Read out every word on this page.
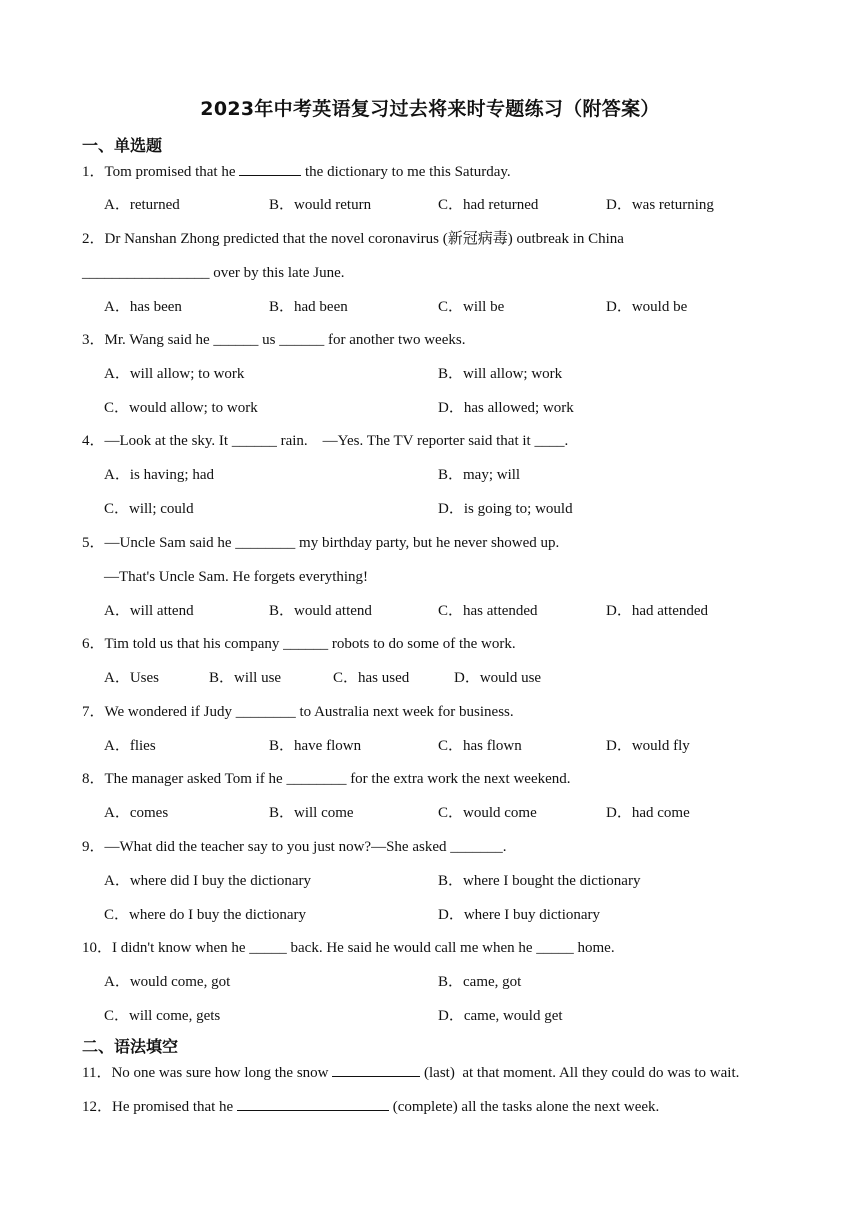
2023年中考英语复习过去将来时专题练习（附答案）
一、单选题
1．Tom promised that he	the dictionary to me this Saturday.
A．returned	B．would return	C．had returned	D．was returning
2．Dr Nanshan Zhong predicted that the novel coronavirus (新冠病毒) outbreak in China
_________________ over by this late June.
A．has been	B．had been	C．will be	D．would be
3．Mr. Wang said he ______ us ______ for another two weeks.
A．will allow; to work	B．will allow; work
C．would allow; to work	D．has allowed; work
4．—Look at the sky. It ______ rain.    —Yes. The TV reporter said that it ____.
A．is having; had	B．may; will
C．will; could	D．is going to; would
5．—Uncle Sam said he ________ my birthday party, but he never showed up.
—That's Uncle Sam. He forgets everything!
A．will attend	B．would attend	C．has attended	D．had attended
6．Tim told us that his company ______ robots to do some of the work.
A．Uses	B．will use	C．has used	D．would use
7．We wondered if Judy ________ to Australia next week for business.
A．flies	B．have flown	C．has flown	D．would fly
8．The manager asked Tom if he ________ for the extra work the next weekend.
A．comes	B．will come	C．would come	D．had come
9．—What did the teacher say to you just now?—She asked _______.
A．where did I buy the dictionary	B．where I bought the dictionary
C．where do I buy the dictionary	D．where I buy dictionary
10．I didn't know when he _____ back. He said he would call me when he _____ home.
A．would come, got	B．came, got
C．will come, gets	D．came, would get
二、语法填空
11．No one was sure how long the snow	(last)  at that moment. All they could do was to wait.
12．He promised that he	(complete) all the tasks alone the next week.
